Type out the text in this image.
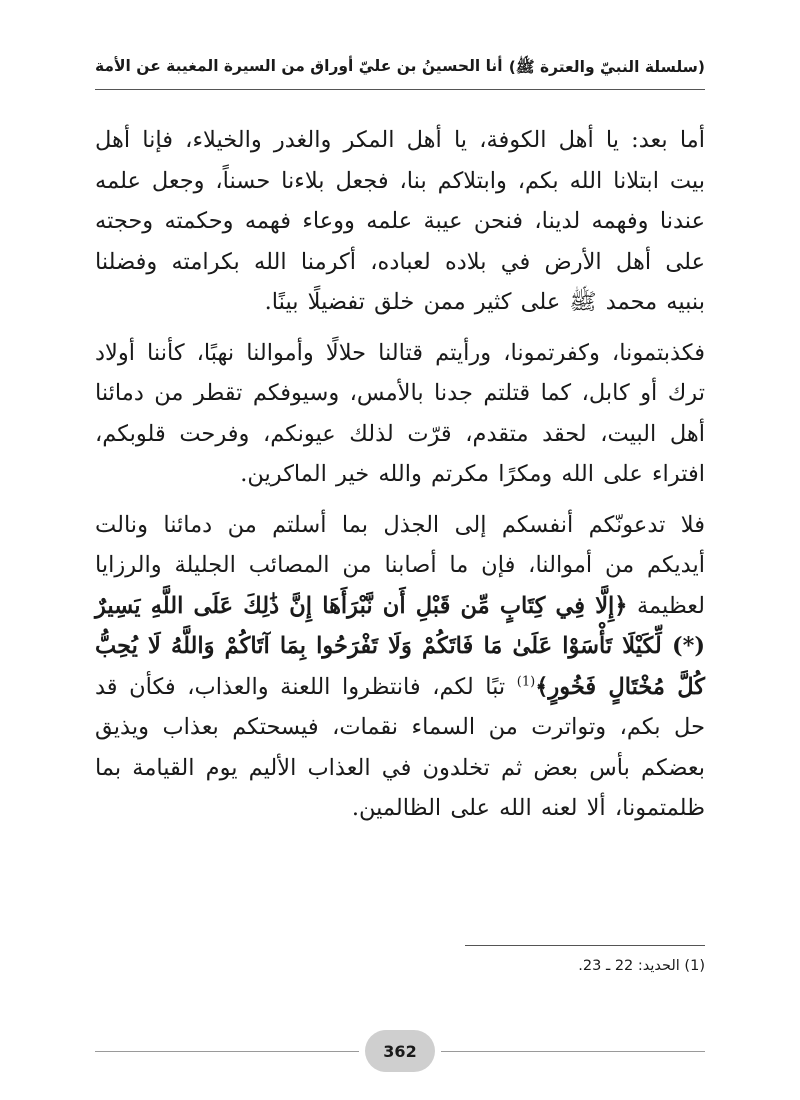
(سلسلة النبيّ والعترة ﷺ)
أنا الحسينُ بن عليّ أوراق من السيرة المغيبة عن الأمة

أما بعد: يا أهل الكوفة، يا أهل المكر والغدر والخيلاء، فإنا أهل بيت ابتلانا الله بكم، وابتلاكم بنا، فجعل بلاءنا حسناً، وجعل علمه عندنا وفهمه لدينا، فنحن عيبة علمه ووعاء فهمه وحكمته وحجته على أهل الأرض في بلاده لعباده، أكرمنا الله بكرامته وفضلنا بنبيه محمد ﷺ على كثير ممن خلق تفضيلًا بينًا.

فكذبتمونا، وكفرتمونا، ورأيتم قتالنا حلالًا وأموالنا نهبًا، كأننا أولاد ترك أو كابل، كما قتلتم جدنا بالأمس، وسيوفكم تقطر من دمائنا أهل البيت، لحقد متقدم، قرّت لذلك عيونكم، وفرحت قلوبكم، افتراء على الله ومكرًا مكرتم والله خير الماكرين.

فلا تدعونّكم أنفسكم إلى الجذل بما أسلتم من دمائنا ونالت أيديكم من أموالنا، فإن ما أصابنا من المصائب الجليلة والرزايا لعظيمة ﴿إِلَّا فِي كِتَابٍ مِّن قَبْلِ أَن نَّبْرَأَهَا إِنَّ ذَٰلِكَ عَلَى اللَّهِ يَسِيرٌ (*) لِّكَيْلَا تَأْسَوْا عَلَىٰ مَا فَاتَكُمْ وَلَا تَفْرَحُوا بِمَا آتَاكُمْ وَاللَّهُ لَا يُحِبُّ كُلَّ مُخْتَالٍ فَخُورٍ﴾$^{(1)}$ تبًا لكم، فانتظروا اللعنة والعذاب، فكأن قد حل بكم، وتواترت من السماء نقمات، فيسحتكم بعذاب ويذيق بعضكم بأس بعض ثم تخلدون في العذاب الأليم يوم القيامة بما ظلمتمونا، ألا لعنه الله على الظالمين.

(1) الحديد: 22 ـ 23.
362
